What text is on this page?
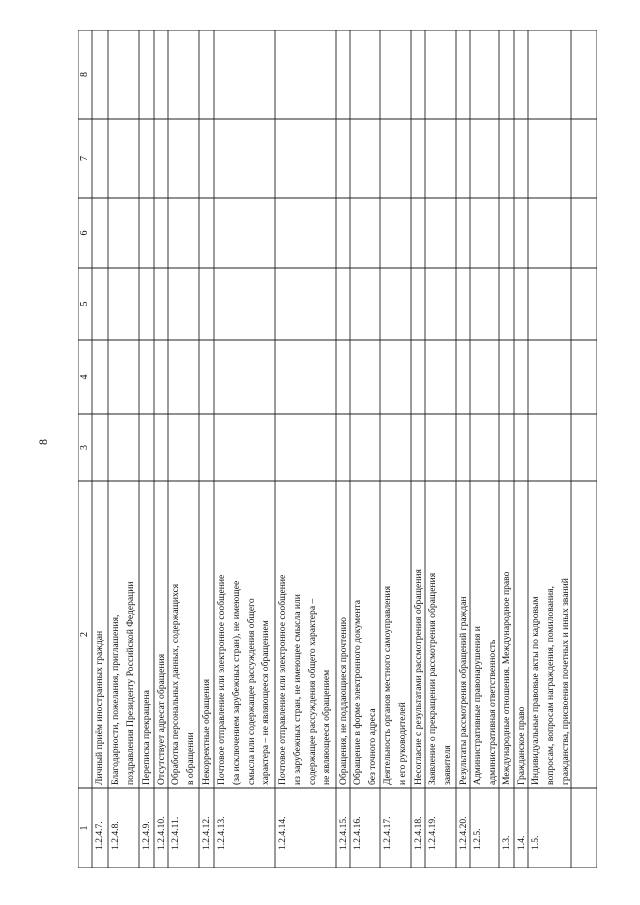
8
1
2
3
4
5
6
7
8
1.2.4.7.
Личный приём иностранных граждан
1.2.4.8.
Благодарности, пожелания, приглашения, поздравления Президенту Российской Федерации
1.2.4.9.
Переписка прекращена
1.2.4.10.
Отсутствует адресат обращения
1.2.4.11.
Обработка персональных данных, содержащихся в обращении
1.2.4.12.
Некорректные обращения
1.2.4.13.
Почтовое отправление или электронное сообщение (за исключением зарубежных стран), не имеющее смысла или содержащее рассуждения общего характера – не являющееся обращением
1.2.4.14.
Почтовое отправление или электронное сообщение из зарубежных стран, не имеющее смысла или содержащее рассуждения общего характера – не являющееся обращением
1.2.4.15.
Обращения, не поддающиеся прочтению
1.2.4.16.
Обращение в форме электронного документа без точного адреса
1.2.4.17.
Деятельность органов местного самоуправления и его руководителей
1.2.4.18.
Несогласие с результатами рассмотрения обращения
1.2.4.19.
Заявление о прекращении рассмотрения обращения заявителя
1.2.4.20.
Результаты рассмотрения обращений граждан
1.2.5.
Административные правонарушения и административная ответственность
1.3.
Международные отношения. Международное право
1.4.
Гражданское право
1.5.
Индивидуальные правовые акты по кадровым вопросам, вопросам награждения, помилования, гражданства, присвоения почетных и иных званий
